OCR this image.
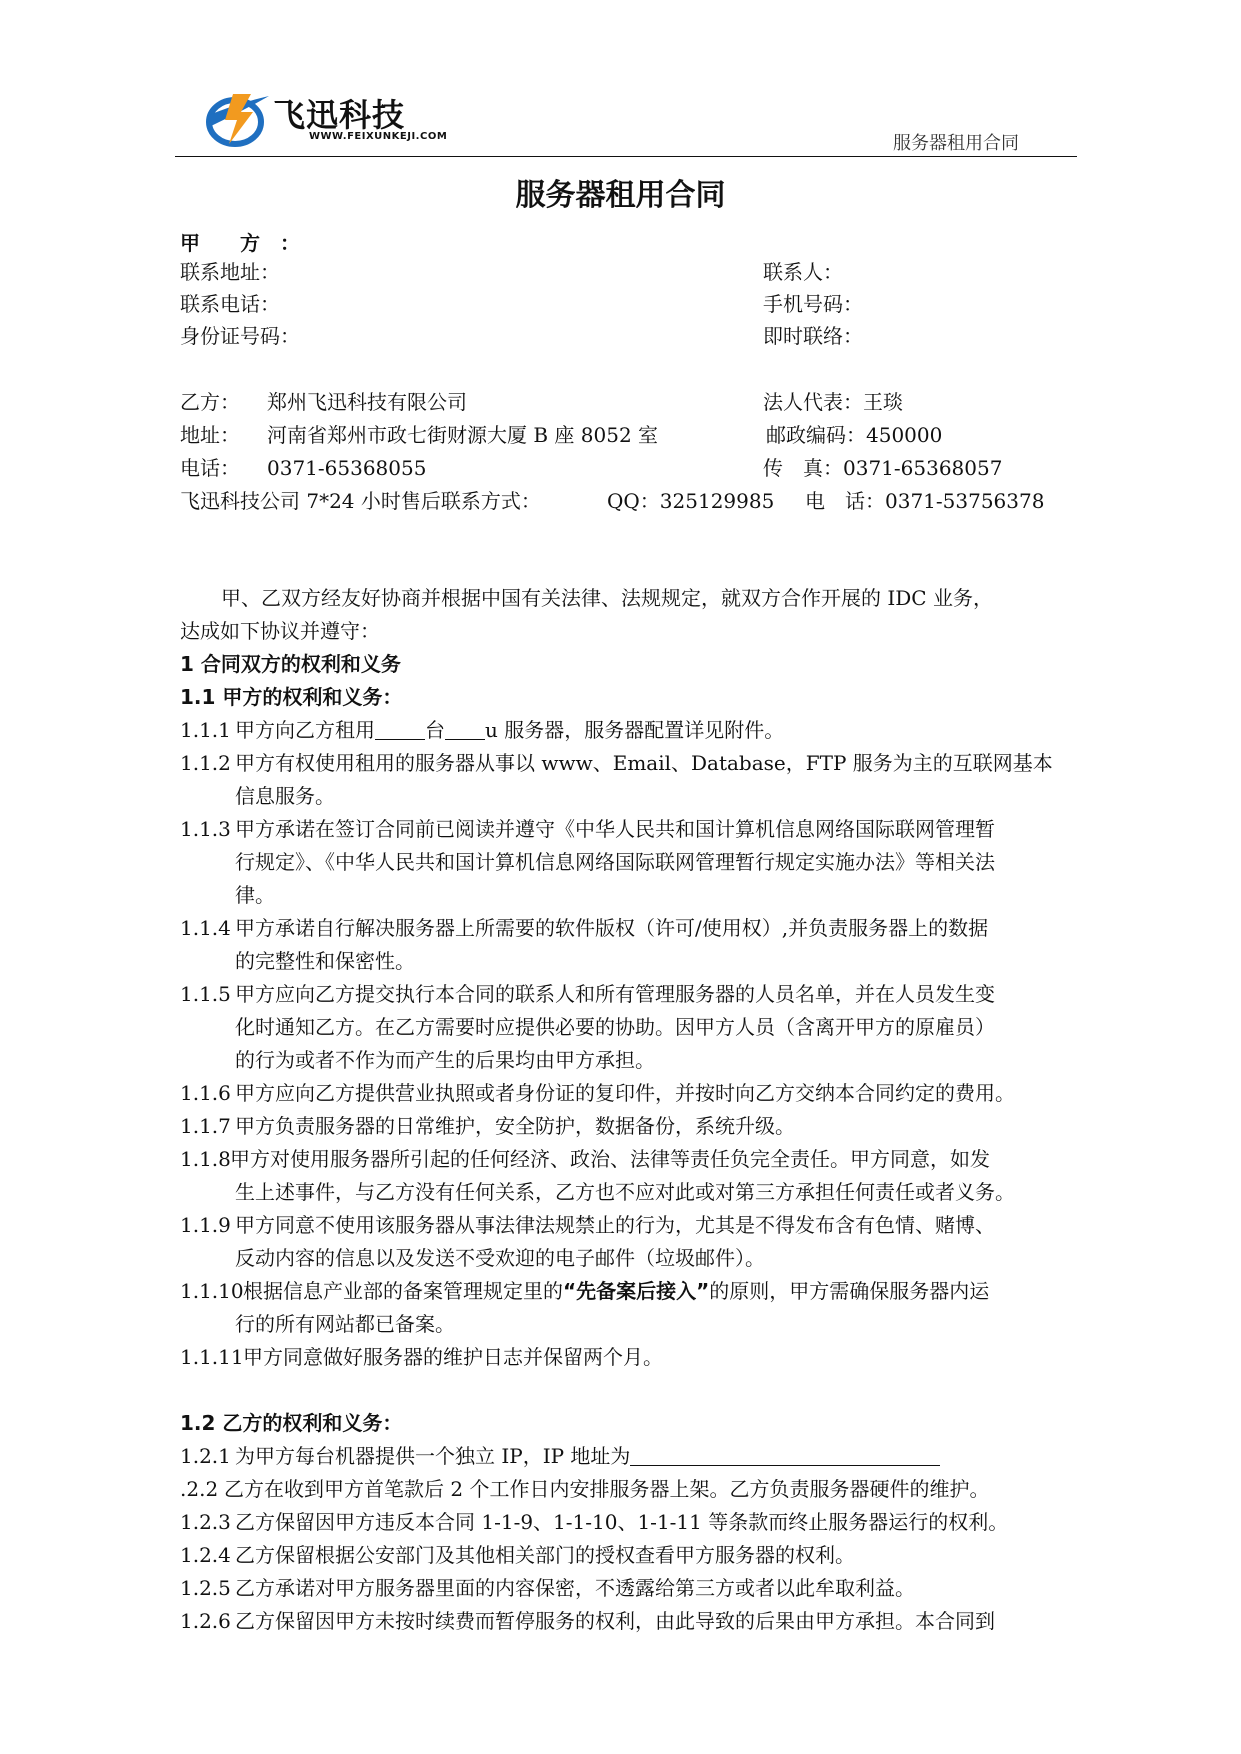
飞迅科技
WWW.FEIXUNKEJI.COM	服务器租用合同
服务器租用合同
甲　　方　：
联系地址：	联系人：
联系电话：	手机号码：
身份证号码：	即时联络：
乙方： 郑州飞迅科技有限公司	法人代表：王琰
地址： 河南省郑州市政七街财源大厦 B 座 8052 室	邮政编码：450000
电话： 0371-65368055	传　真：0371-65368057
飞迅科技公司 7*24 小时售后联系方式：	QQ：325129985 电　话：0371-53756378
甲、乙双方经友好协商并根据中国有关法律、法规规定，就双方合作开展的 IDC 业务，
达成如下协议并遵守：
1 合同双方的权利和义务
1.1 甲方的权利和义务：
1.1.1 甲方向乙方租用	台 u 服务器，服务器配置详见附件。
1.1.2 甲方有权使用租用的服务器从事以 www、Email、Database，FTP 服务为主的互联网基本
信息服务。
1.1.3 甲方承诺在签订合同前已阅读并遵守《中华人民共和国计算机信息网络国际联网管理暂
行规定》、《中华人民共和国计算机信息网络国际联网管理暂行规定实施办法》等相关法
律。
1.1.4 甲方承诺自行解决服务器上所需要的软件版权（许可/使用权）,并负责服务器上的数据
的完整性和保密性。
1.1.5 甲方应向乙方提交执行本合同的联系人和所有管理服务器的人员名单，并在人员发生变
化时通知乙方。在乙方需要时应提供必要的协助。因甲方人员（含离开甲方的原雇员）
的行为或者不作为而产生的后果均由甲方承担。
1.1.6 甲方应向乙方提供营业执照或者身份证的复印件，并按时向乙方交纳本合同约定的费用。
1.1.7 甲方负责服务器的日常维护，安全防护，数据备份，系统升级。
1.1.8 甲方对使用服务器所引起的任何经济、政治、法律等责任负完全责任。甲方同意，如发
生上述事件，与乙方没有任何关系，乙方也不应对此或对第三方承担任何责任或者义务。
1.1.9 甲方同意不使用该服务器从事法律法规禁止的行为，尤其是不得发布含有色情、赌博、
反动内容的信息以及发送不受欢迎的电子邮件（垃圾邮件）。
1.1.10 根据信息产业部的备案管理规定里的“先备案后接入”的原则，甲方需确保服务器内运
行的所有网站都已备案。
1.1.11 甲方同意做好服务器的维护日志并保留两个月。
1.2 乙方的权利和义务：
1.2.1 为甲方每台机器提供一个独立 IP，IP 地址为
.2.2 乙方在收到甲方首笔款后 2 个工作日内安排服务器上架。乙方负责服务器硬件的维护。
1.2.3 乙方保留因甲方违反本合同 1-1-9、1-1-10、1-1-11 等条款而终止服务器运行的权利。
1.2.4 乙方保留根据公安部门及其他相关部门的授权查看甲方服务器的权利。
1.2.5 乙方承诺对甲方服务器里面的内容保密，不透露给第三方或者以此牟取利益。
1.2.6 乙方保留因甲方未按时续费而暂停服务的权利，由此导致的后果由甲方承担。本合同到
